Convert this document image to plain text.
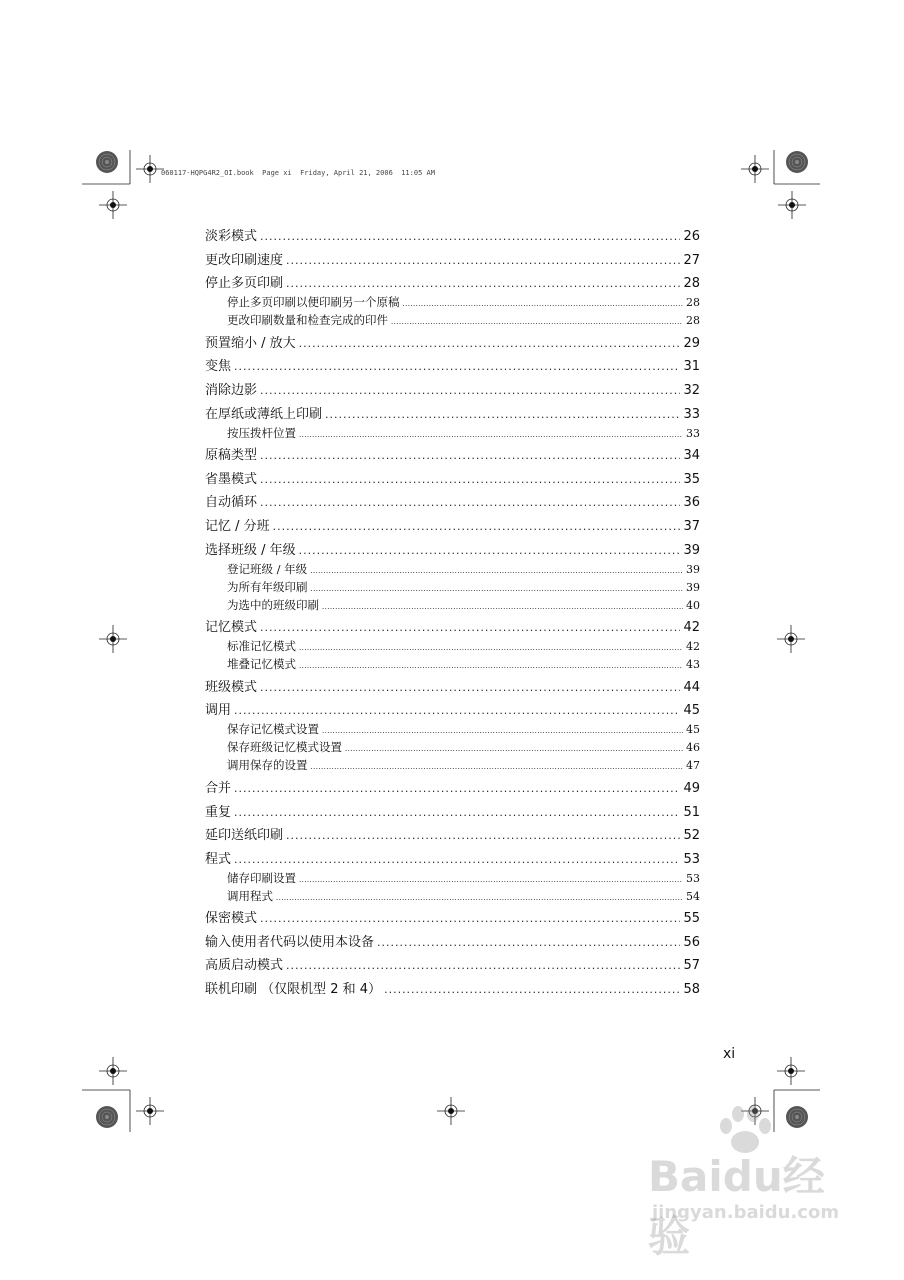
060117-HQPG4R2_OI.book  Page xi  Friday, April 21, 2006  11:05 AM
淡彩模式 .....	26
更改印刷速度 .....	27
停止多页印刷 .....	28
停止多页印刷以便印刷另一个原稿 .....	28
更改印刷数量和检查完成的印件 .....	28
预置缩小 / 放大 .....	29
变焦 .....	31
消除边影 .....	32
在厚纸或薄纸上印刷 .....	33
按压拨杆位置 .....	33
原稿类型 .....	34
省墨模式 .....	35
自动循环 .....	36
记忆 / 分班 .....	37
选择班级 / 年级 .....	39
登记班级 / 年级 .....	39
为所有年级印刷 .....	39
为选中的班级印刷 .....	40
记忆模式 .....	42
标准记忆模式 .....	42
堆叠记忆模式 .....	43
班级模式 .....	44
调用 .....	45
保存记忆模式设置 .....	45
保存班级记忆模式设置 .....	46
调用保存的设置 .....	47
合并 .....	49
重复 .....	51
延印送纸印刷 .....	52
程式 .....	53
储存印刷设置 .....	53
调用程式 .....	54
保密模式 .....	55
输入使用者代码以使用本设备 .....	56
高质启动模式 .....	57
联机印刷 （仅限机型 2 和 4） .....	58
xi
Baidu经验
jingyan.baidu.com
